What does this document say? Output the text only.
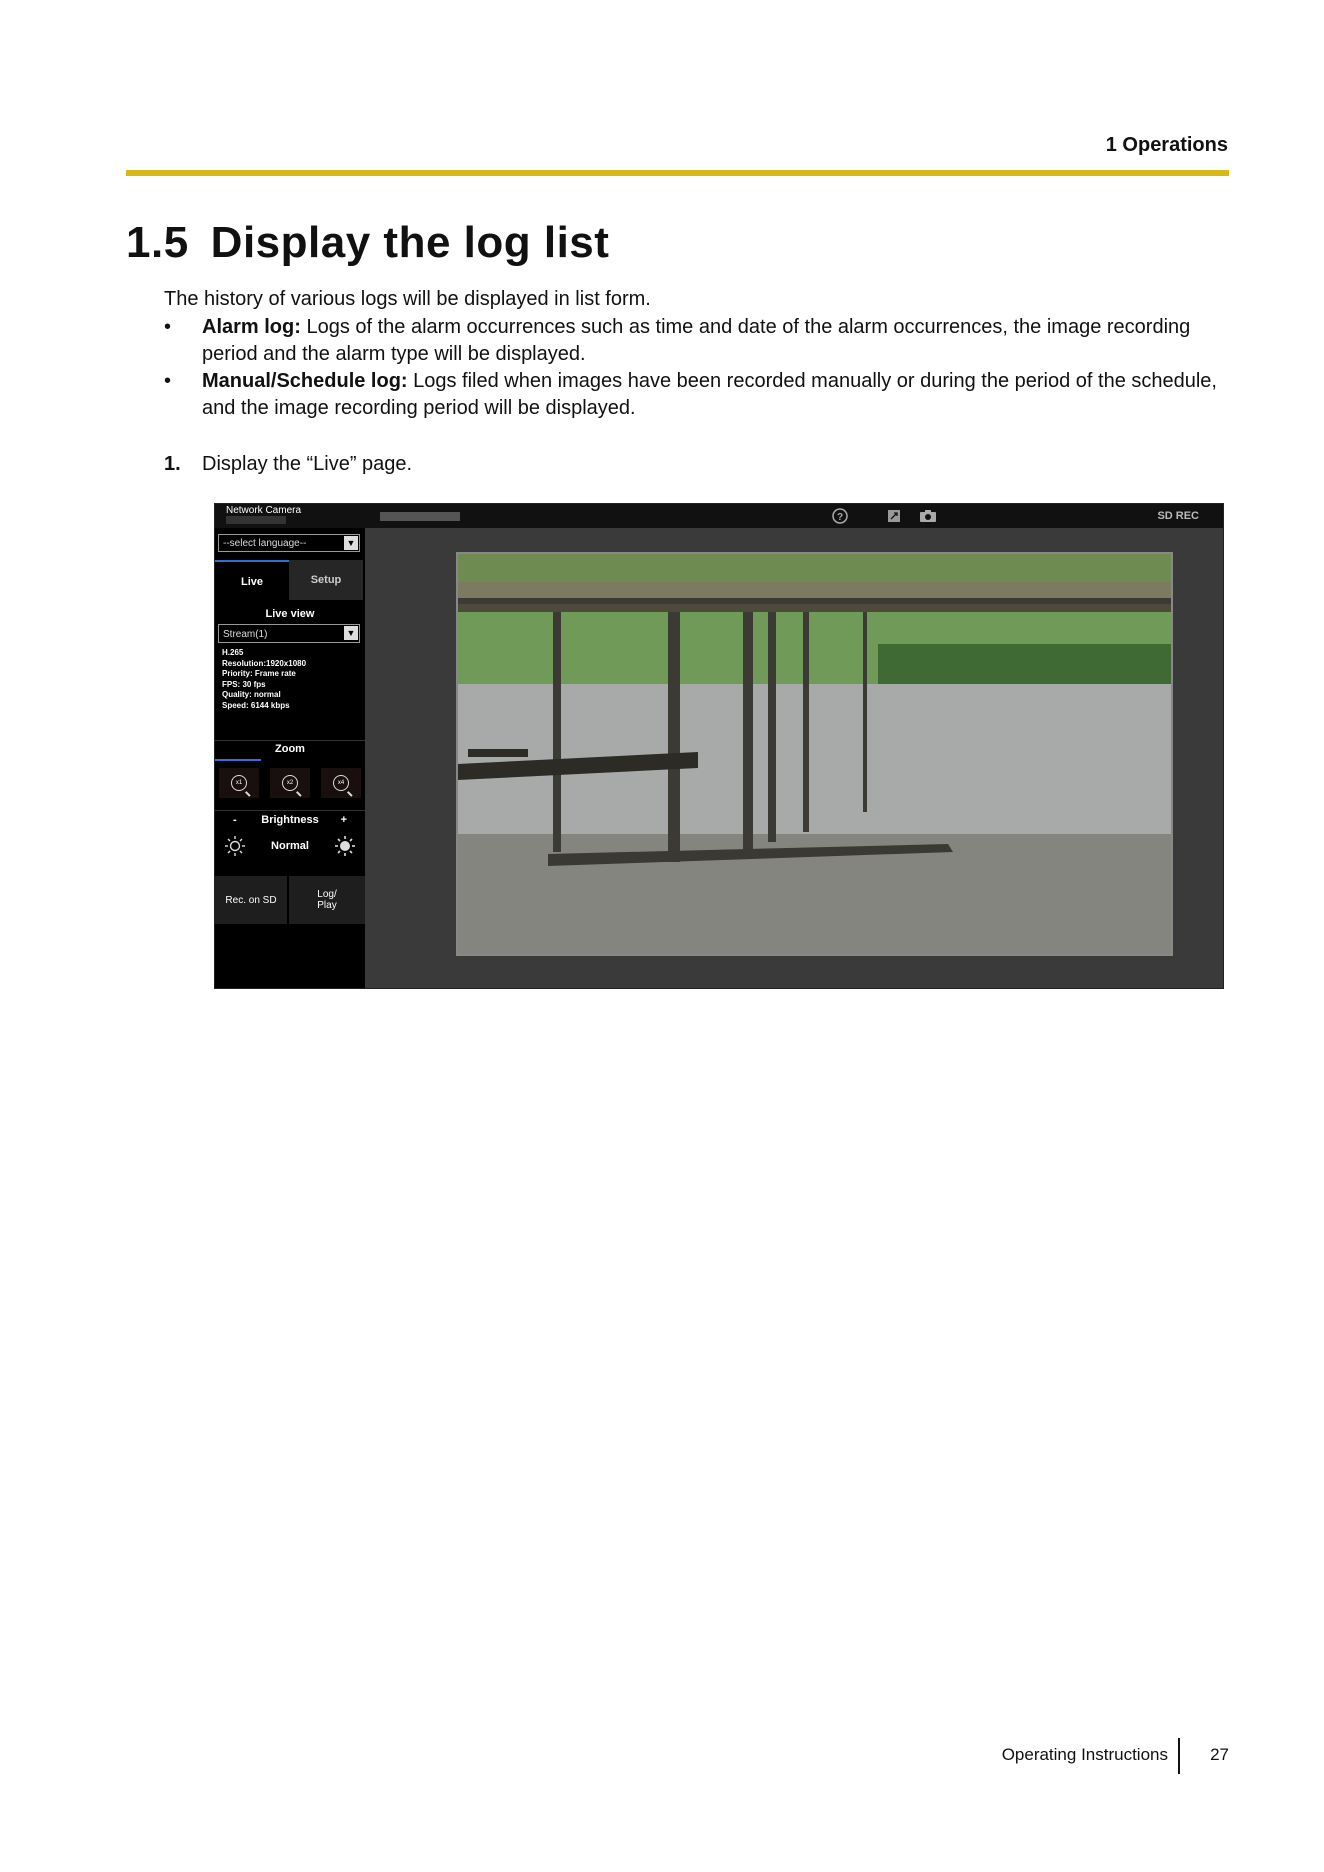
1 Operations
1.5 Display the log list
The history of various logs will be displayed in list form.
• Alarm log: Logs of the alarm occurrences such as time and date of the alarm occurrences, the image recording period and the alarm type will be displayed.
• Manual/Schedule log: Logs filed when images have been recorded manually or during the period of the schedule, and the image recording period will be displayed.
1. Display the “Live” page.
Network Camera
?	SD REC
--select language--	▼
Live	Setup
Live view
Stream(1)	▼
H.265
Resolution:1920x1080
Priority: Frame rate
FPS: 30 fps
Quality: normal
Speed: 6144 kbps
Zoom
x1	x2	x4
-	Brightness	+
Normal
Rec. on SD	Log/
Play
Operating Instructions 27
